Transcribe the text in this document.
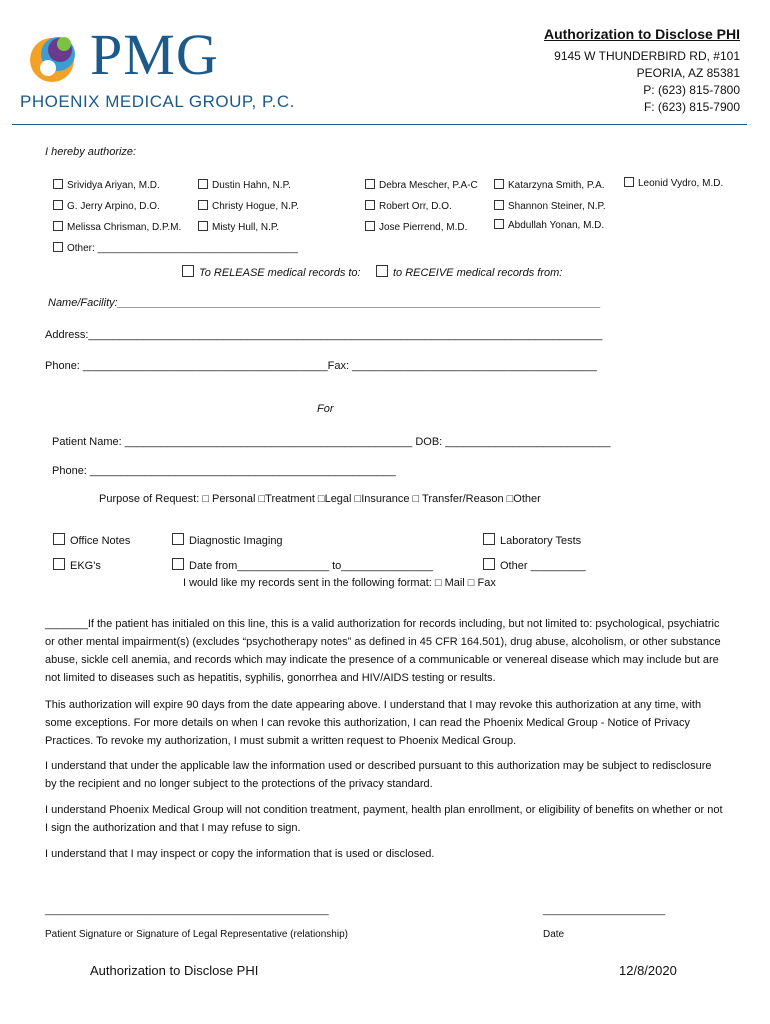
PMG
PHOENIX MEDICAL GROUP, P.C.
Authorization to Disclose PHI
9145 W THUNDERBIRD RD, #101
PEORIA, AZ 85381
P: (623) 815-7800
F: (623) 815-7900
I hereby authorize:
Srividya Ariyan, M.D.	Dustin Hahn, N.P.	Debra Mescher, P.A-C	Katarzyna Smith, P.A.	Leonid Vydro, M.D.
G. Jerry Arpino, D.O.	Christy Hogue, N.P.	Robert Orr, D.O.	Shannon Steiner, N.P.
Melissa Chrisman, D.P.M.	Misty Hull, N.P.	Jose Pierrend, M.D.	Abdullah Yonan, M.D.
Other: ____________________________________
To RELEASE medical records to:	to RECEIVE medical records from:
Name/Facility:_______________________________________________________________________________
Address:____________________________________________________________________________________
Phone: ________________________________________Fax: ________________________________________
For
Patient Name: _______________________________________________ DOB: ___________________________
Phone: __________________________________________________
Purpose of Request: □ Personal □Treatment □Legal □Insurance □ Transfer/Reason □Other
Office Notes	Diagnostic Imaging	Laboratory Tests
EKG's	Date from_______________ to_______________	Other _________
I would like my records sent in the following format: □ Mail □ Fax
_______If the patient has initialed on this line, this is a valid authorization for records including, but not limited to: psychological, psychiatric or other mental impairment(s) (excludes “psychotherapy notes” as defined in 45 CFR 164.501), drug abuse, alcoholism, or other substance abuse, sickle cell anemia, and records which may indicate the presence of a communicable or venereal disease which may include but are not limited to diseases such as hepatitis, syphilis, gonorrhea and HIV/AIDS testing or results.
This authorization will expire 90 days from the date appearing above. I understand that I may revoke this authorization at any time, with some exceptions. For more details on when I can revoke this authorization, I can read the Phoenix Medical Group - Notice of Privacy Practices. To revoke my authorization, I must submit a written request to Phoenix Medical Group.
I understand that under the applicable law the information used or described pursuant to this authorization may be subject to redisclosure by the recipient and no longer subject to the protections of the privacy standard.
I understand Phoenix Medical Group will not condition treatment, payment, health plan enrollment, or eligibility of benefits on whether or not I sign the authorization and that I may refuse to sign.
I understand that I may inspect or copy the information that is used or disclosed.
___________________________________________________	______________________
Patient Signature or Signature of Legal Representative (relationship)	Date
Authorization to Disclose PHI	12/8/2020
